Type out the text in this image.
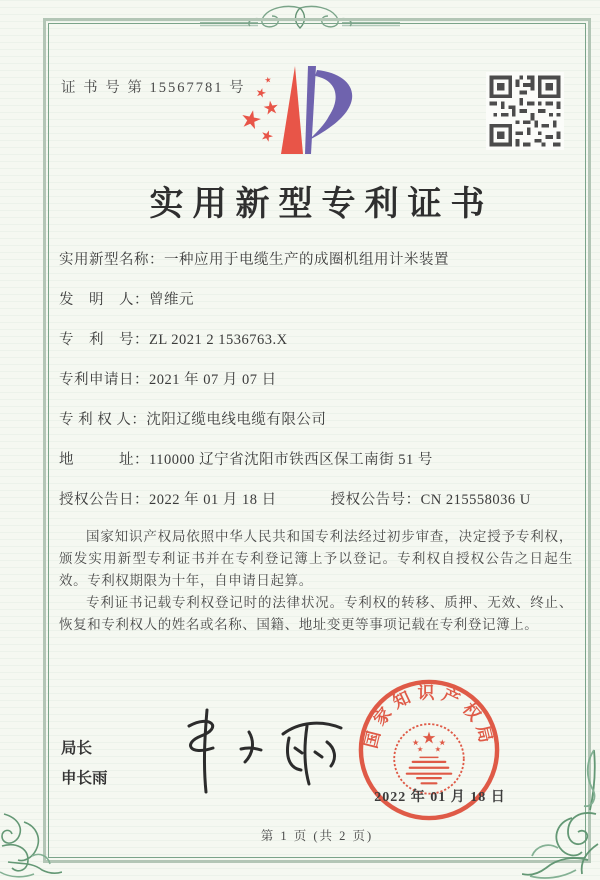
证 书 号 第 15567781 号
实用新型专利证书
实用新型名称：一种应用于电缆生产的成圈机组用计米装置
发　明　人：曾维元
专　利　号：ZL 2021 2 1536763.X
专利申请日：2021 年 07 月 07 日
专 利 权 人：沈阳辽缆电线电缆有限公司
地　　　址：110000 辽宁省沈阳市铁西区保工南街 51 号
授权公告日：2022 年 01 月 18 日	授权公告号：CN 215558036 U

国家知识产权局依照中华人民共和国专利法经过初步审查，决定授予专利权，颁发实用新型专利证书并在专利登记簿上予以登记。专利权自授权公告之日起生效。专利权期限为十年，自申请日起算。

专利证书记载专利权登记时的法律状况。专利权的转移、质押、无效、终止、恢复和专利权人的姓名或名称、国籍、地址变更等事项记载在专利登记簿上。

局长
申长雨
国家知识产权局
2022 年 01 月 18 日
第 1 页 (共 2 页)
